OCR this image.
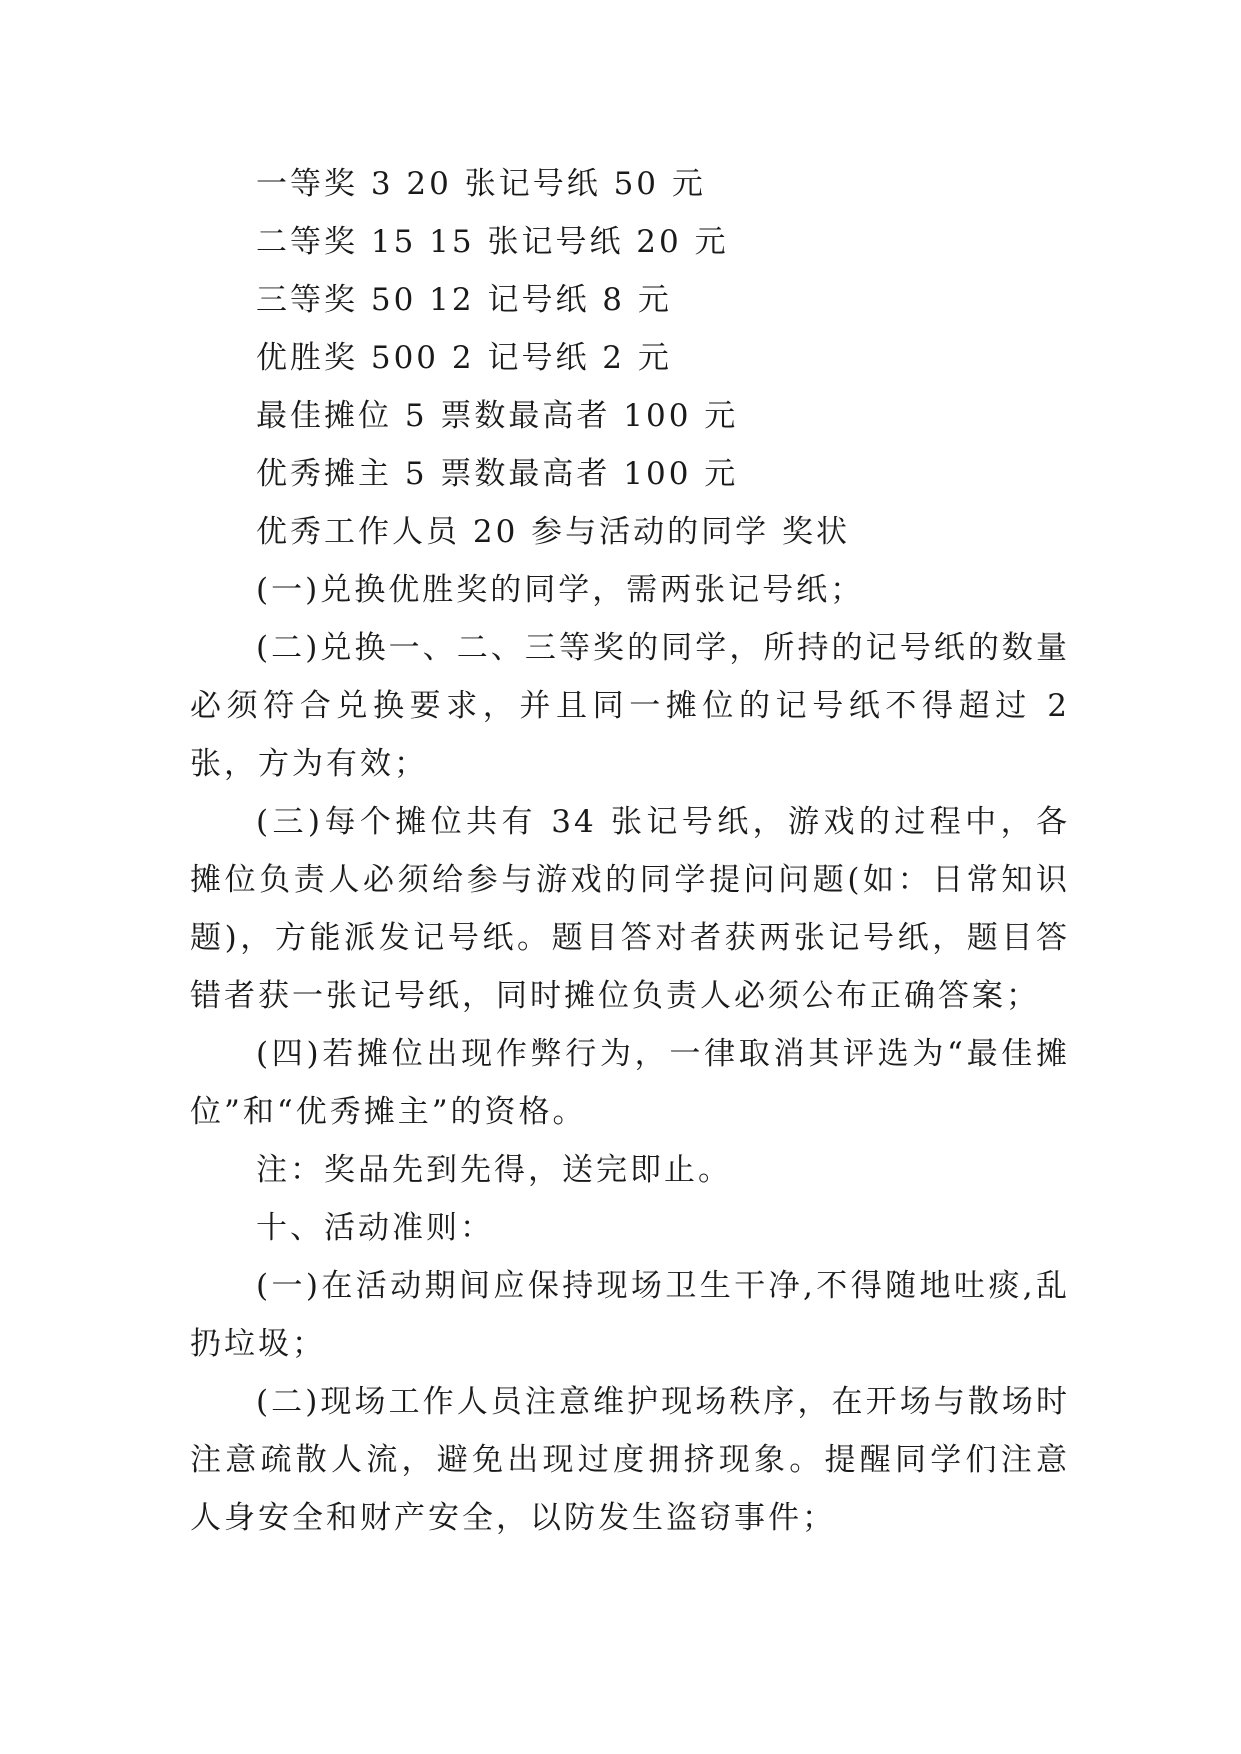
一等奖 3 20 张记号纸 50 元

二等奖 15 15 张记号纸 20 元

三等奖 50 12 记号纸 8 元

优胜奖 500 2 记号纸 2 元

最佳摊位 5 票数最高者 100 元

优秀摊主 5 票数最高者 100 元

优秀工作人员 20 参与活动的同学 奖状

(一)兑换优胜奖的同学，需两张记号纸；

(二)兑换一、二、三等奖的同学，所持的记号纸的数量必须符合兑换要求，并且同一摊位的记号纸不得超过 2 张，方为有效；

(三)每个摊位共有 34 张记号纸，游戏的过程中，各摊位负责人必须给参与游戏的同学提问问题(如：日常知识题)，方能派发记号纸。题目答对者获两张记号纸，题目答错者获一张记号纸，同时摊位负责人必须公布正确答案；

(四)若摊位出现作弊行为，一律取消其评选为“最佳摊位”和“优秀摊主”的资格。

注：奖品先到先得，送完即止。

十、活动准则：

(一)在活动期间应保持现场卫生干净,不得随地吐痰,乱扔垃圾；

(二)现场工作人员注意维护现场秩序，在开场与散场时注意疏散人流，避免出现过度拥挤现象。提醒同学们注意人身安全和财产安全，以防发生盗窃事件；
